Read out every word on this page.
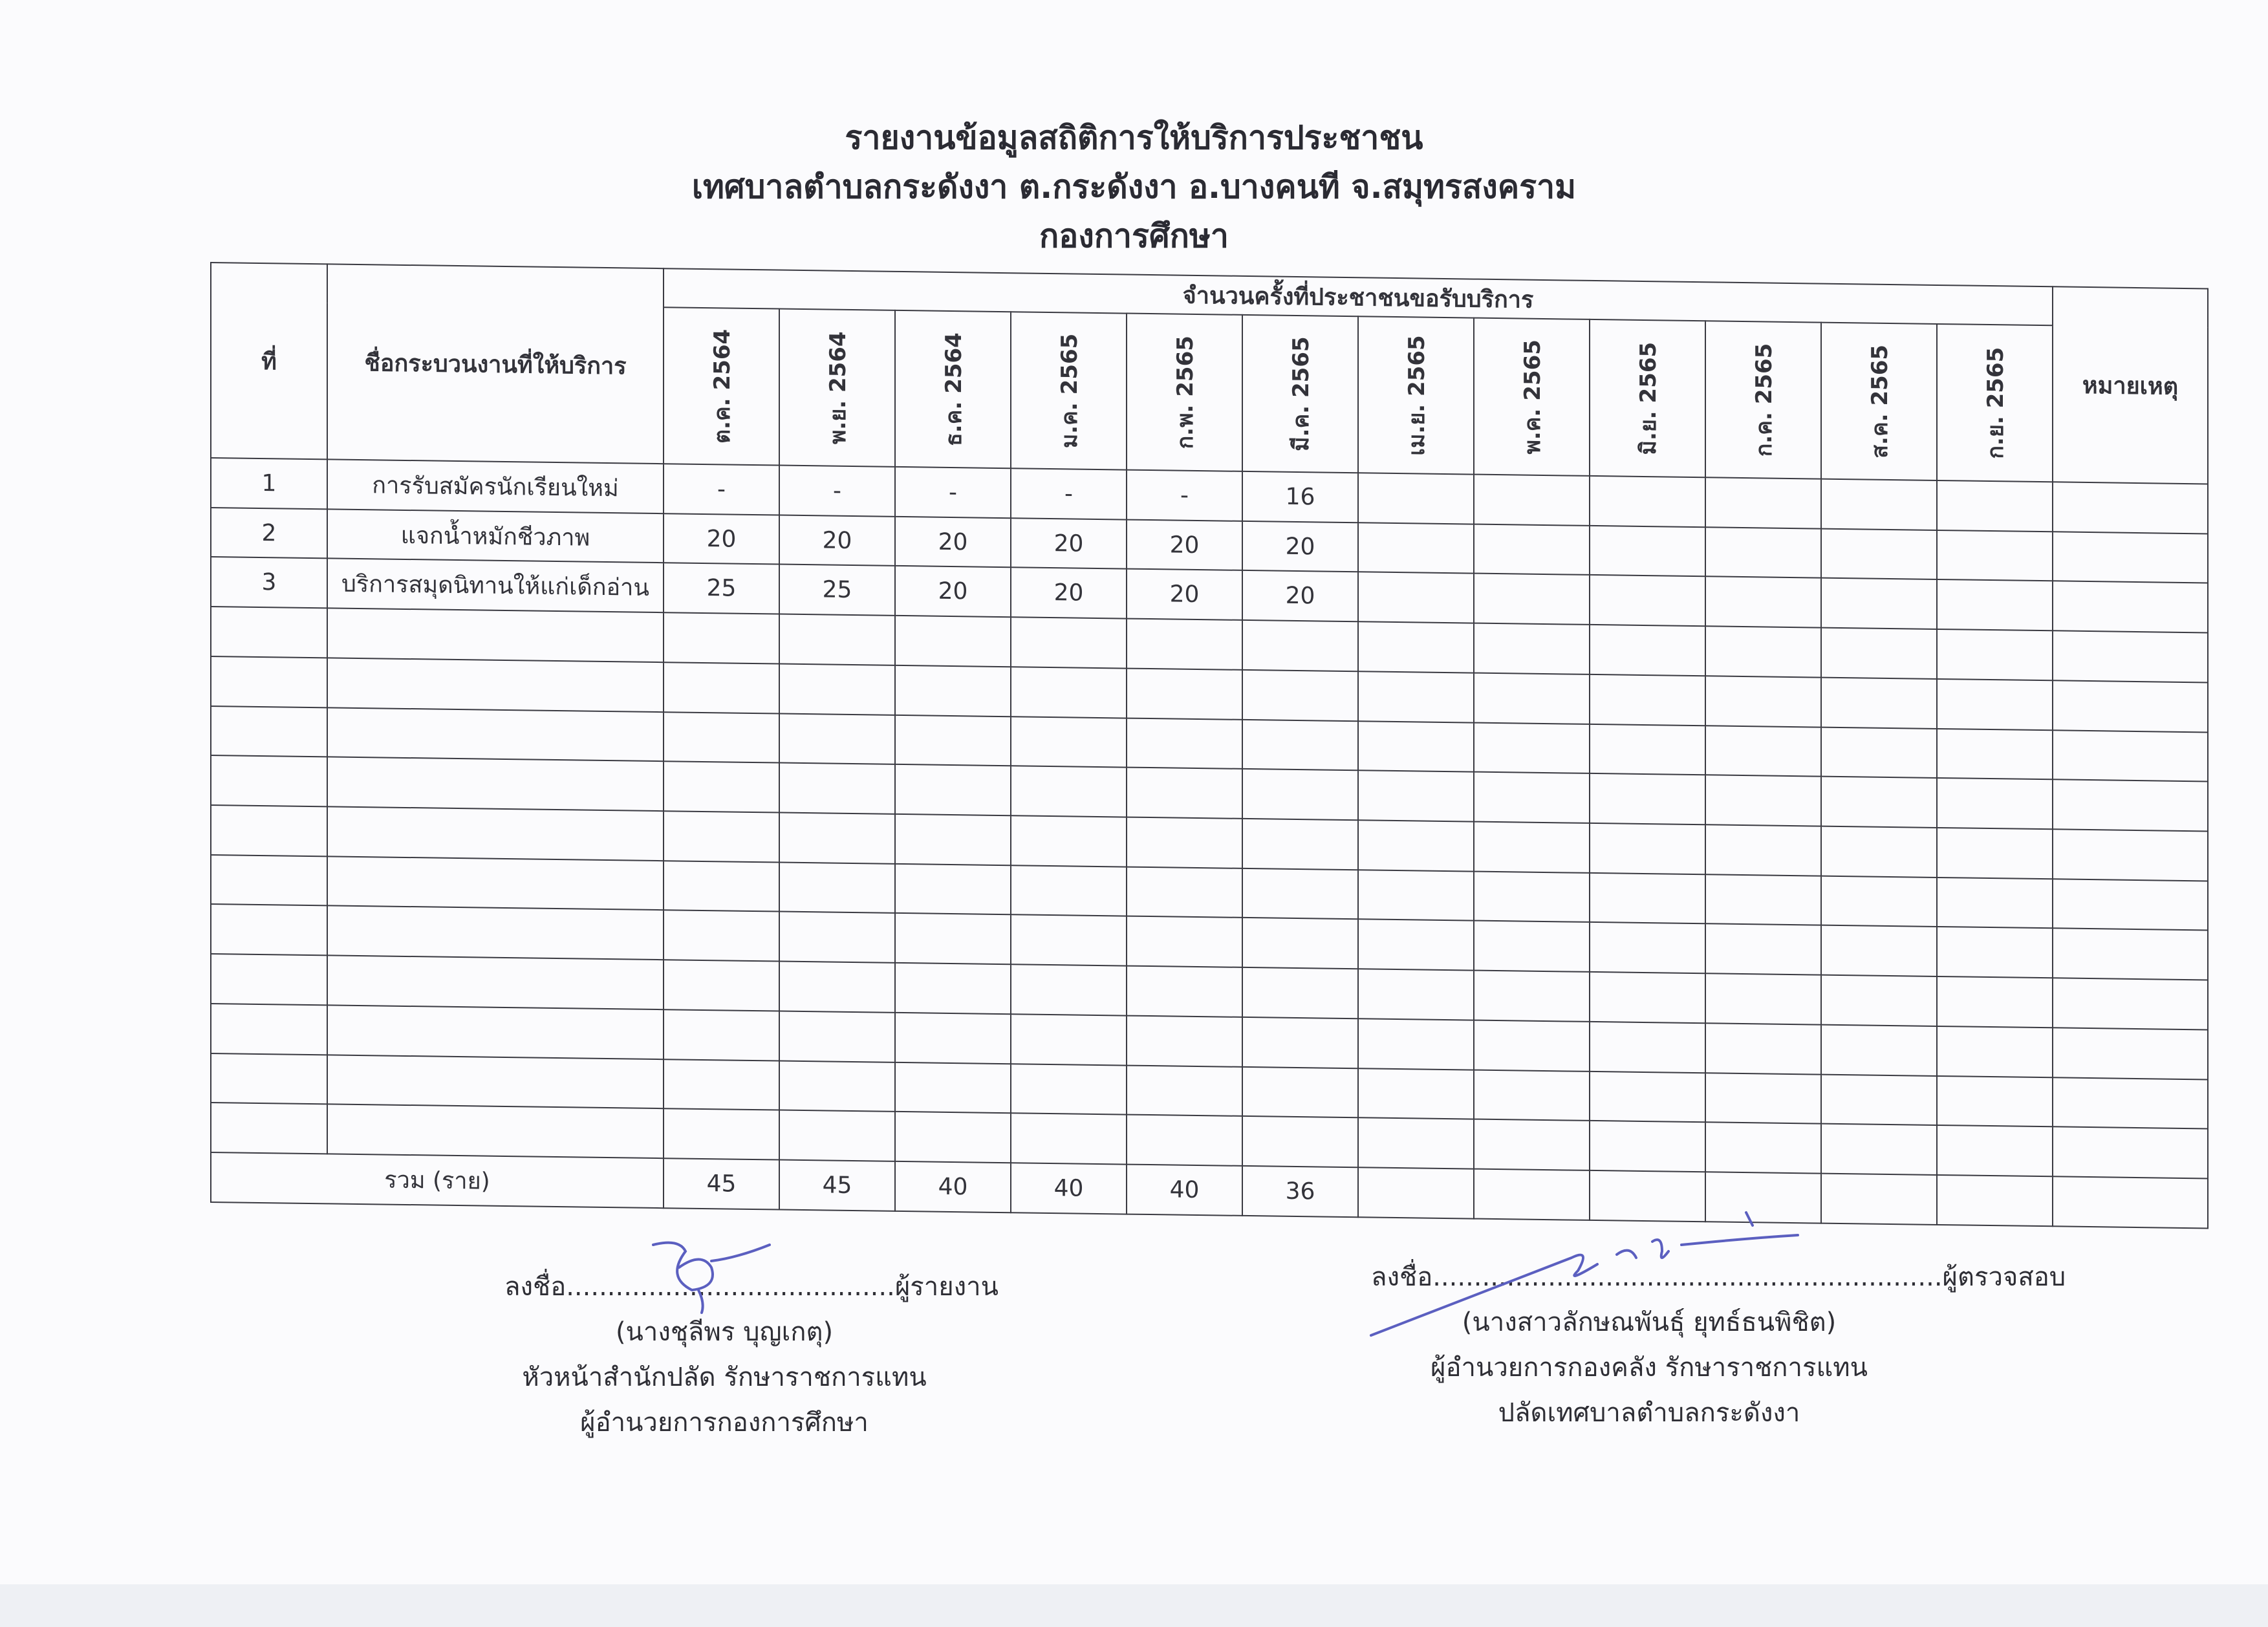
รายงานข้อมูลสถิติการให้บริการประชาชน
เทศบาลตำบลกระดังงา ต.กระดังงา อ.บางคนที จ.สมุทรสงคราม
กองการศึกษา
ที่	ชื่อกระบวนงานที่ให้บริการ	จำนวนครั้งที่ประชาชนขอรับบริการ												หมายเหตุ

		ต.ค. 2564	พ.ย. 2564	ธ.ค. 2564	ม.ค. 2565	ก.พ. 2565	มี.ค. 2565	เม.ย. 2565	พ.ค. 2565	มิ.ย. 2565	ก.ค. 2565	ส.ค. 2565	ก.ย. 2565	

1	การรับสมัครนักเรียนใหม่	-	-	-	-	-	16							
2	แจกน้ำหมักชีวภาพ	20	20	20	20	20	20							
3	บริการสมุดนิทานให้แก่เด็กอ่าน	25	25	20	20	20	20							

รวม (ราย)		45	45	40	40	40	36							
ลงชื่อ........................................ผู้รายงาน
(นางชุลีพร บุญเกตุ)
หัวหน้าสำนักปลัด รักษาราชการแทน
ผู้อำนวยการกองการศึกษา
ลงชื่อ..............................................................ผู้ตรวจสอบ
(นางสาวลักษณพันธุ์ ยุทธ์ธนพิชิต)
ผู้อำนวยการกองคลัง รักษาราชการแทน
ปลัดเทศบาลตำบลกระดังงา
